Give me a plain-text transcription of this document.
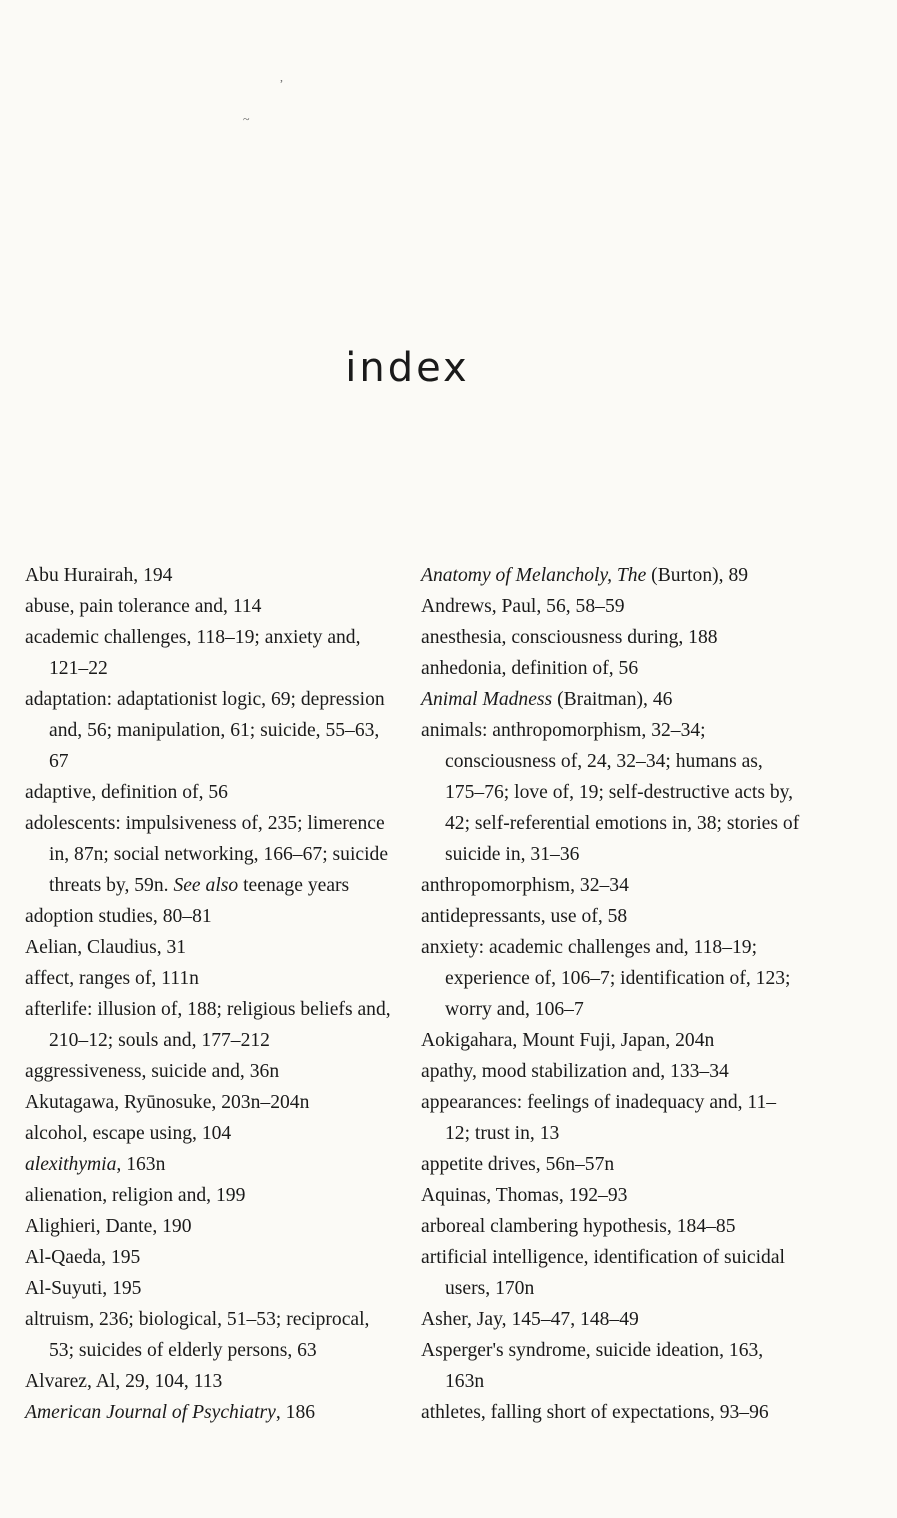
index
,
~

Abu Hurairah, 194

abuse, pain tolerance and, 114

academic challenges, 118–19; anxiety and, 121–22

adaptation: adaptationist logic, 69; depression and, 56; manipulation, 61; suicide, 55–63, 67

adaptive, definition of, 56

adolescents: impulsiveness of, 235; limerence in, 87n; social networking, 166–67; suicide threats by, 59n. See also teenage years

adoption studies, 80–81

Aelian, Claudius, 31

affect, ranges of, 111n

afterlife: illusion of, 188; religious beliefs and, 210–12; souls and, 177–212

aggressiveness, suicide and, 36n

Akutagawa, Ryūnosuke, 203n–204n

alcohol, escape using, 104

alexithymia, 163n

alienation, religion and, 199

Alighieri, Dante, 190

Al-Qaeda, 195

Al-Suyuti, 195

altruism, 236; biological, 51–53; reciprocal, 53; suicides of elderly persons, 63

Alvarez, Al, 29, 104, 113

American Journal of Psychiatry, 186

Anatomy of Melancholy, The (Burton), 89

Andrews, Paul, 56, 58–59

anesthesia, consciousness during, 188

anhedonia, definition of, 56

Animal Madness (Braitman), 46

animals: anthropomorphism, 32–34; consciousness of, 24, 32–34; humans as, 175–76; love of, 19; self-destructive acts by, 42; self-referential emotions in, 38; stories of suicide in, 31–36

anthropomorphism, 32–34

antidepressants, use of, 58

anxiety: academic challenges and, 118–19; experience of, 106–7; identification of, 123; worry and, 106–7

Aokigahara, Mount Fuji, Japan, 204n

apathy, mood stabilization and, 133–34

appearances: feelings of inadequacy and, 11–12; trust in, 13

appetite drives, 56n–57n

Aquinas, Thomas, 192–93

arboreal clambering hypothesis, 184–85

artificial intelligence, identification of suicidal users, 170n

Asher, Jay, 145–47, 148–49

Asperger's syndrome, suicide ideation, 163, 163n

athletes, falling short of expectations, 93–96
